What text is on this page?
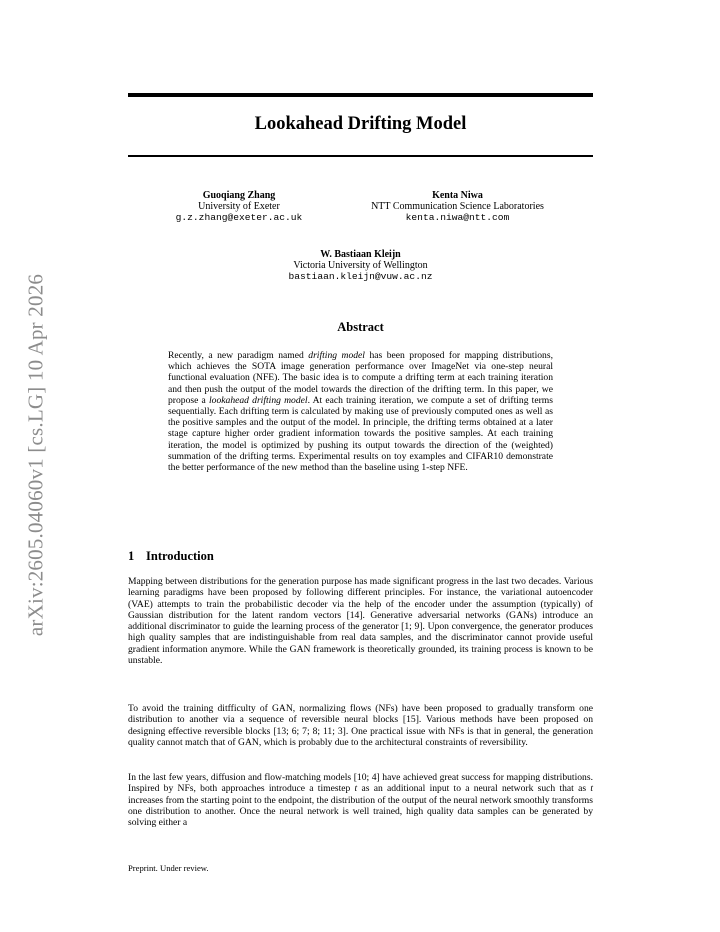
arXiv:2605.04060v1 [cs.LG] 10 Apr 2026
Lookahead Drifting Model
Guoqiang Zhang
University of Exeter
g.z.zhang@exeter.ac.uk
Kenta Niwa
NTT Communication Science Laboratories
kenta.niwa@ntt.com
W. Bastiaan Kleijn
Victoria University of Wellington
bastiaan.kleijn@vuw.ac.nz
Abstract

Recently, a new paradigm named drifting model has been proposed for mapping distributions, which achieves the SOTA image generation performance over ImageNet via one-step neural functional evaluation (NFE). The basic idea is to compute a drifting term at each training iteration and then push the output of the model towards the direction of the drifting term. In this paper, we propose a lookahead drifting model. At each training iteration, we compute a set of drifting terms sequentially. Each drifting term is calculated by making use of previously computed ones as well as the positive samples and the output of the model. In principle, the drifting terms obtained at a later stage capture higher order gradient information towards the positive samples. At each training iteration, the model is optimized by pushing its output towards the direction of the (weighted) summation of the drifting terms. Experimental results on toy examples and CIFAR10 demonstrate the better performance of the new method than the baseline using 1-step NFE.

1 Introduction

Mapping between distributions for the generation purpose has made significant progress in the last two decades. Various learning paradigms have been proposed by following different principles. For instance, the variational autoencoder (VAE) attempts to train the probabilistic decoder via the help of the encoder under the assumption (typically) of Gaussian distribution for the latent random vectors [14]. Generative adversarial networks (GANs) introduce an additional discriminator to guide the learning process of the generator [1; 9]. Upon convergence, the generator produces high quality samples that are indistinguishable from real data samples, and the discriminator cannot provide useful gradient information anymore. While the GAN framework is theoretically grounded, its training process is known to be unstable.

To avoid the training ditfficulty of GAN, normalizing flows (NFs) have been proposed to gradually transform one distribution to another via a sequence of reversible neural blocks [15]. Various methods have been proposed on designing effective reversible blocks [13; 6; 7; 8; 11; 3]. One practical issue with NFs is that in general, the generation quality cannot match that of GAN, which is probably due to the architectural constraints of reversibility.

In the last few years, diffusion and flow-matching models [10; 4] have achieved great success for mapping distributions. Inspired by NFs, both approaches introduce a timestep t as an additional input to a neural network such that as t increases from the starting point to the endpoint, the distribution of the output of the neural network smoothly transforms one distribution to another. Once the neural network is well trained, high quality data samples can be generated by solving either a

Preprint. Under review.
